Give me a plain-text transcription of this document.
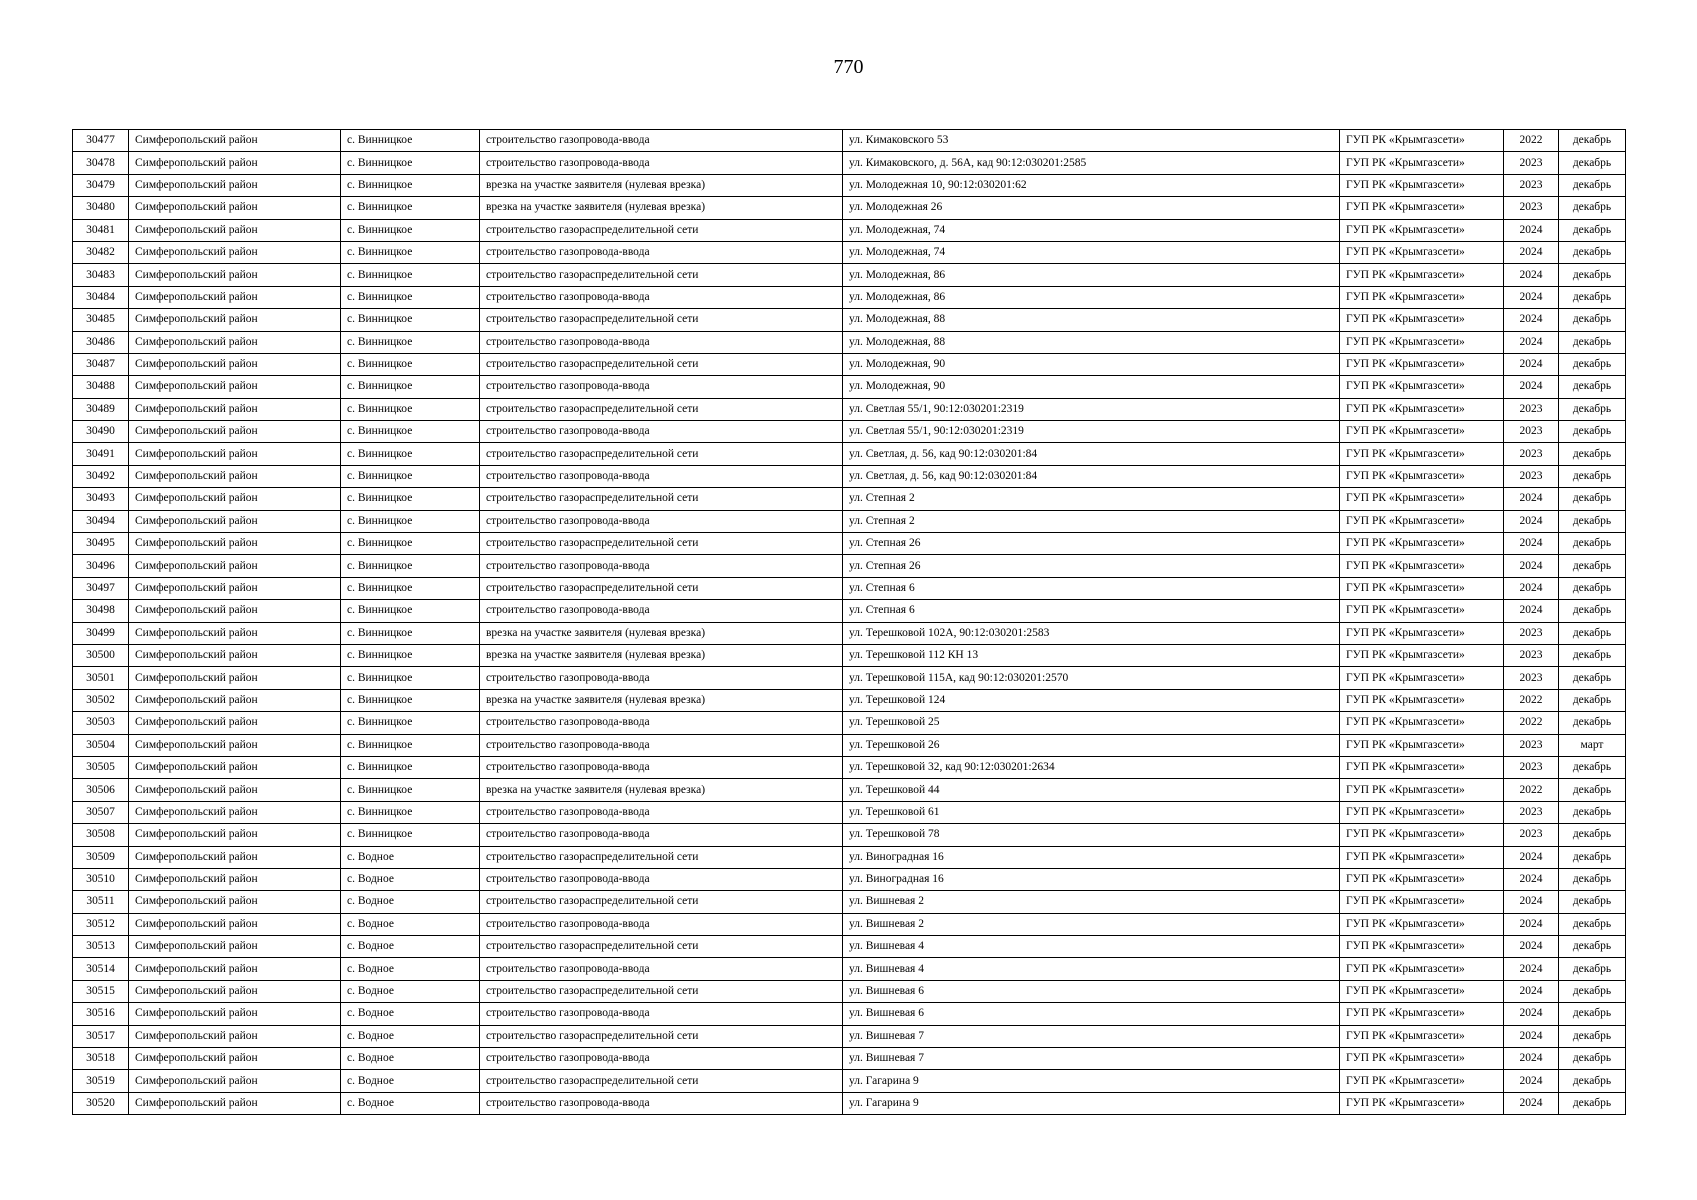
770
30477	Симферопольский район	с. Винницкое	строительство газопровода-ввода	ул. Кимаковского 53	ГУП РК «Крымгазсети»	2022	декабрь
30478	Симферопольский район	с. Винницкое	строительство газопровода-ввода	ул. Кимаковского, д. 56А, кад 90:12:030201:2585	ГУП РК «Крымгазсети»	2023	декабрь
30479	Симферопольский район	с. Винницкое	врезка на участке заявителя (нулевая врезка)	ул. Молодежная 10, 90:12:030201:62	ГУП РК «Крымгазсети»	2023	декабрь
30480	Симферопольский район	с. Винницкое	врезка на участке заявителя (нулевая врезка)	ул. Молодежная 26	ГУП РК «Крымгазсети»	2023	декабрь
30481	Симферопольский район	с. Винницкое	строительство газораспределительной сети	ул. Молодежная, 74	ГУП РК «Крымгазсети»	2024	декабрь
30482	Симферопольский район	с. Винницкое	строительство газопровода-ввода	ул. Молодежная, 74	ГУП РК «Крымгазсети»	2024	декабрь
30483	Симферопольский район	с. Винницкое	строительство газораспределительной сети	ул. Молодежная, 86	ГУП РК «Крымгазсети»	2024	декабрь
30484	Симферопольский район	с. Винницкое	строительство газопровода-ввода	ул. Молодежная, 86	ГУП РК «Крымгазсети»	2024	декабрь
30485	Симферопольский район	с. Винницкое	строительство газораспределительной сети	ул. Молодежная, 88	ГУП РК «Крымгазсети»	2024	декабрь
30486	Симферопольский район	с. Винницкое	строительство газопровода-ввода	ул. Молодежная, 88	ГУП РК «Крымгазсети»	2024	декабрь
30487	Симферопольский район	с. Винницкое	строительство газораспределительной сети	ул. Молодежная, 90	ГУП РК «Крымгазсети»	2024	декабрь
30488	Симферопольский район	с. Винницкое	строительство газопровода-ввода	ул. Молодежная, 90	ГУП РК «Крымгазсети»	2024	декабрь
30489	Симферопольский район	с. Винницкое	строительство газораспределительной сети	ул. Светлая 55/1, 90:12:030201:2319	ГУП РК «Крымгазсети»	2023	декабрь
30490	Симферопольский район	с. Винницкое	строительство газопровода-ввода	ул. Светлая 55/1, 90:12:030201:2319	ГУП РК «Крымгазсети»	2023	декабрь
30491	Симферопольский район	с. Винницкое	строительство газораспределительной сети	ул. Светлая, д. 56, кад 90:12:030201:84	ГУП РК «Крымгазсети»	2023	декабрь
30492	Симферопольский район	с. Винницкое	строительство газопровода-ввода	ул. Светлая, д. 56, кад 90:12:030201:84	ГУП РК «Крымгазсети»	2023	декабрь
30493	Симферопольский район	с. Винницкое	строительство газораспределительной сети	ул. Степная 2	ГУП РК «Крымгазсети»	2024	декабрь
30494	Симферопольский район	с. Винницкое	строительство газопровода-ввода	ул. Степная 2	ГУП РК «Крымгазсети»	2024	декабрь
30495	Симферопольский район	с. Винницкое	строительство газораспределительной сети	ул. Степная 26	ГУП РК «Крымгазсети»	2024	декабрь
30496	Симферопольский район	с. Винницкое	строительство газопровода-ввода	ул. Степная 26	ГУП РК «Крымгазсети»	2024	декабрь
30497	Симферопольский район	с. Винницкое	строительство газораспределительной сети	ул. Степная 6	ГУП РК «Крымгазсети»	2024	декабрь
30498	Симферопольский район	с. Винницкое	строительство газопровода-ввода	ул. Степная 6	ГУП РК «Крымгазсети»	2024	декабрь
30499	Симферопольский район	с. Винницкое	врезка на участке заявителя (нулевая врезка)	ул. Терешковой 102А, 90:12:030201:2583	ГУП РК «Крымгазсети»	2023	декабрь
30500	Симферопольский район	с. Винницкое	врезка на участке заявителя (нулевая врезка)	ул. Терешковой 112 КН 13	ГУП РК «Крымгазсети»	2023	декабрь
30501	Симферопольский район	с. Винницкое	строительство газопровода-ввода	ул. Терешковой 115А, кад 90:12:030201:2570	ГУП РК «Крымгазсети»	2023	декабрь
30502	Симферопольский район	с. Винницкое	врезка на участке заявителя (нулевая врезка)	ул. Терешковой 124	ГУП РК «Крымгазсети»	2022	декабрь
30503	Симферопольский район	с. Винницкое	строительство газопровода-ввода	ул. Терешковой 25	ГУП РК «Крымгазсети»	2022	декабрь
30504	Симферопольский район	с. Винницкое	строительство газопровода-ввода	ул. Терешковой 26	ГУП РК «Крымгазсети»	2023	март
30505	Симферопольский район	с. Винницкое	строительство газопровода-ввода	ул. Терешковой 32, кад 90:12:030201:2634	ГУП РК «Крымгазсети»	2023	декабрь
30506	Симферопольский район	с. Винницкое	врезка на участке заявителя (нулевая врезка)	ул. Терешковой 44	ГУП РК «Крымгазсети»	2022	декабрь
30507	Симферопольский район	с. Винницкое	строительство газопровода-ввода	ул. Терешковой 61	ГУП РК «Крымгазсети»	2023	декабрь
30508	Симферопольский район	с. Винницкое	строительство газопровода-ввода	ул. Терешковой 78	ГУП РК «Крымгазсети»	2023	декабрь
30509	Симферопольский район	с. Водное	строительство газораспределительной сети	ул. Виноградная 16	ГУП РК «Крымгазсети»	2024	декабрь
30510	Симферопольский район	с. Водное	строительство газопровода-ввода	ул. Виноградная 16	ГУП РК «Крымгазсети»	2024	декабрь
30511	Симферопольский район	с. Водное	строительство газораспределительной сети	ул. Вишневая 2	ГУП РК «Крымгазсети»	2024	декабрь
30512	Симферопольский район	с. Водное	строительство газопровода-ввода	ул. Вишневая 2	ГУП РК «Крымгазсети»	2024	декабрь
30513	Симферопольский район	с. Водное	строительство газораспределительной сети	ул. Вишневая 4	ГУП РК «Крымгазсети»	2024	декабрь
30514	Симферопольский район	с. Водное	строительство газопровода-ввода	ул. Вишневая 4	ГУП РК «Крымгазсети»	2024	декабрь
30515	Симферопольский район	с. Водное	строительство газораспределительной сети	ул. Вишневая 6	ГУП РК «Крымгазсети»	2024	декабрь
30516	Симферопольский район	с. Водное	строительство газопровода-ввода	ул. Вишневая 6	ГУП РК «Крымгазсети»	2024	декабрь
30517	Симферопольский район	с. Водное	строительство газораспределительной сети	ул. Вишневая 7	ГУП РК «Крымгазсети»	2024	декабрь
30518	Симферопольский район	с. Водное	строительство газопровода-ввода	ул. Вишневая 7	ГУП РК «Крымгазсети»	2024	декабрь
30519	Симферопольский район	с. Водное	строительство газораспределительной сети	ул. Гагарина 9	ГУП РК «Крымгазсети»	2024	декабрь
30520	Симферопольский район	с. Водное	строительство газопровода-ввода	ул. Гагарина 9	ГУП РК «Крымгазсети»	2024	декабрь
